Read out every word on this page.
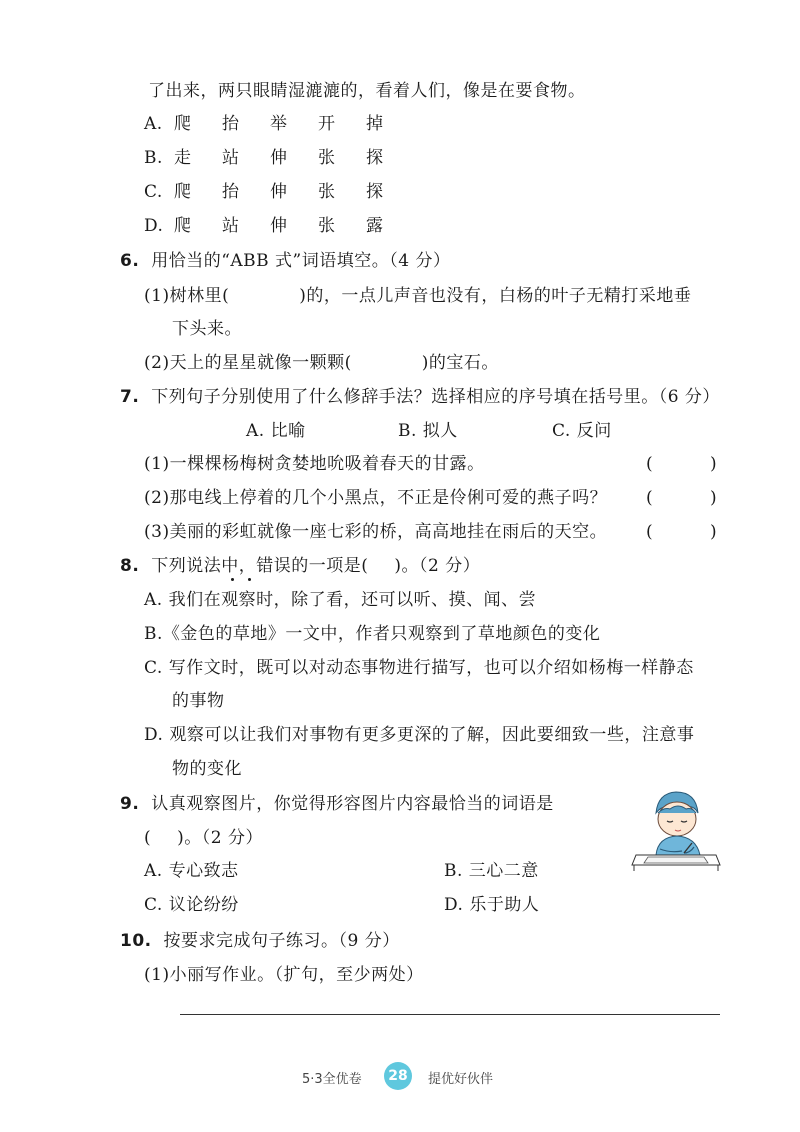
了出来，两只眼睛湿漉漉的，看着人们，像是在要食物。
A. 爬 抬 举 开 掉
B. 走 站 伸 张 探
C. 爬 抬 伸 张 探
D. 爬 站 伸 张 露
6. 用恰当的“ABB 式”词语填空。（4 分）
(1)树林里(	)的，一点儿声音也没有，白杨的叶子无精打采地垂
下头来。
(2)天上的星星就像一颗颗(	)的宝石。
7. 下列句子分别使用了什么修辞手法？选择相应的序号填在括号里。（6 分）
A. 比喻	B. 拟人	C. 反问
(1)一棵棵杨梅树贪婪地吮吸着春天的甘露。	(	)
(2)那电线上停着的几个小黑点，不正是伶俐可爱的燕子吗？ (	)
(3)美丽的彩虹就像一座七彩的桥，高高地挂在雨后的天空。 (	)
8. 下列说法中，错误的一项是( )。（2 分）
A. 我们在观察时，除了看，还可以听、摸、闻、尝
B.《金色的草地》一文中，作者只观察到了草地颜色的变化
C. 写作文时，既可以对动态事物进行描写，也可以介绍如杨梅一样静态
的事物
D. 观察可以让我们对事物有更多更深的了解，因此要细致一些，注意事
物的变化
9. 认真观察图片，你觉得形容图片内容最恰当的词语是
( )。（2 分）
A. 专心致志	B. 三心二意
C. 议论纷纷	D. 乐于助人
10. 按要求完成句子练习。（9 分）
(1)小丽写作业。（扩句，至少两处）
5·3全优卷	28	提优好伙伴
